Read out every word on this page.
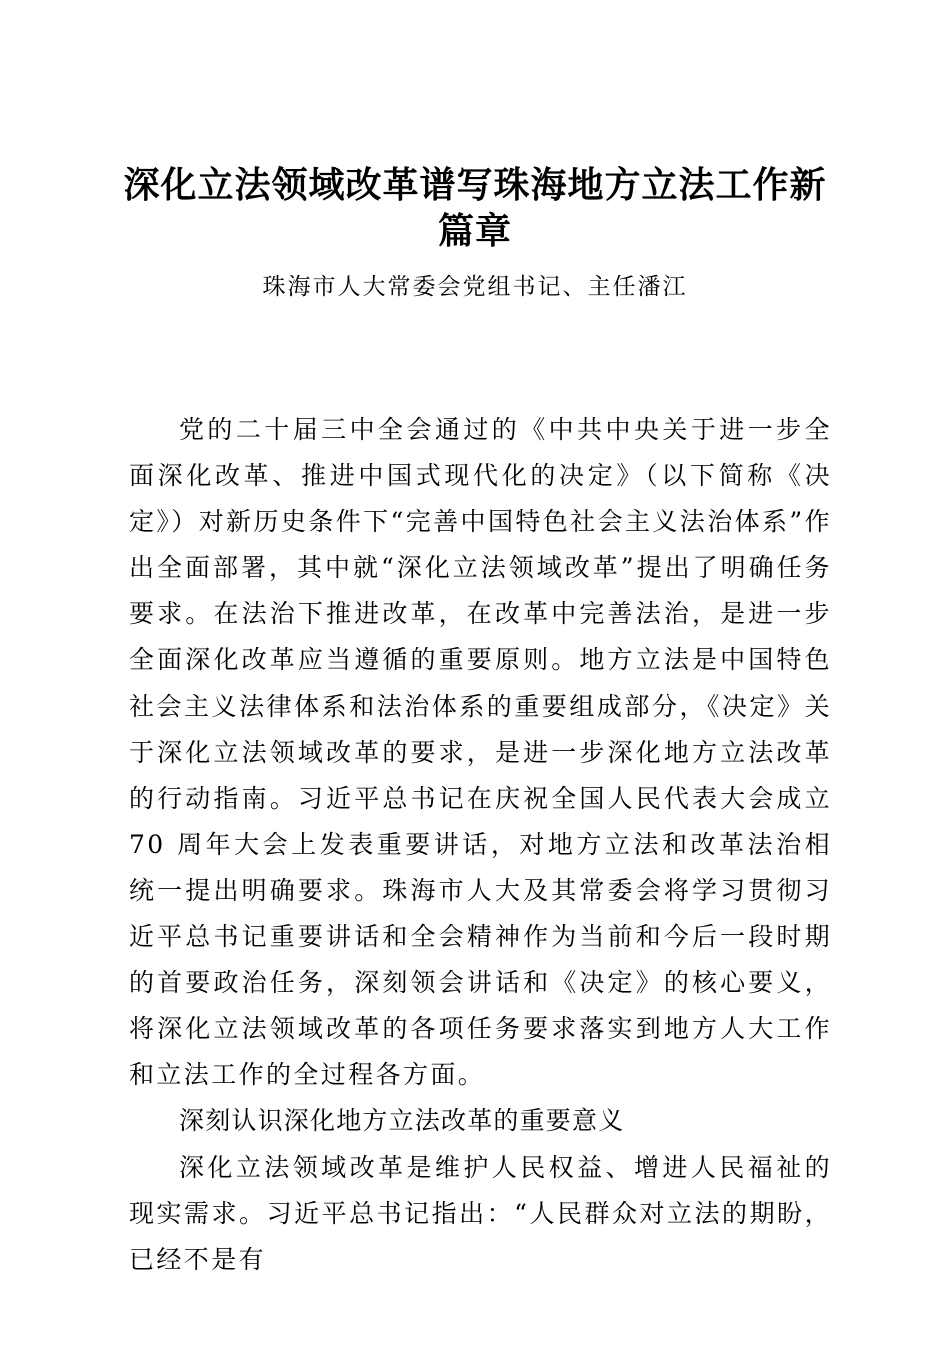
深化立法领域改革谱写珠海地方立法工作新篇章

珠海市人大常委会党组书记、主任潘江

党的二十届三中全会通过的《中共中央关于进一步全面深化改革、推进中国式现代化的决定》（以下简称《决定》）对新历史条件下“完善中国特色社会主义法治体系”作出全面部署，其中就“深化立法领域改革”提出了明确任务要求。在法治下推进改革，在改革中完善法治，是进一步全面深化改革应当遵循的重要原则。地方立法是中国特色社会主义法律体系和法治体系的重要组成部分，《决定》关于深化立法领域改革的要求，是进一步深化地方立法改革的行动指南。习近平总书记在庆祝全国人民代表大会成立 70 周年大会上发表重要讲话，对地方立法和改革法治相统一提出明确要求。珠海市人大及其常委会将学习贯彻习近平总书记重要讲话和全会精神作为当前和今后一段时期的首要政治任务，深刻领会讲话和《决定》的核心要义，将深化立法领域改革的各项任务要求落实到地方人大工作和立法工作的全过程各方面。

深刻认识深化地方立法改革的重要意义

深化立法领域改革是维护人民权益、增进人民福祉的现实需求。习近平总书记指出：“人民群众对立法的期盼，已经不是有
